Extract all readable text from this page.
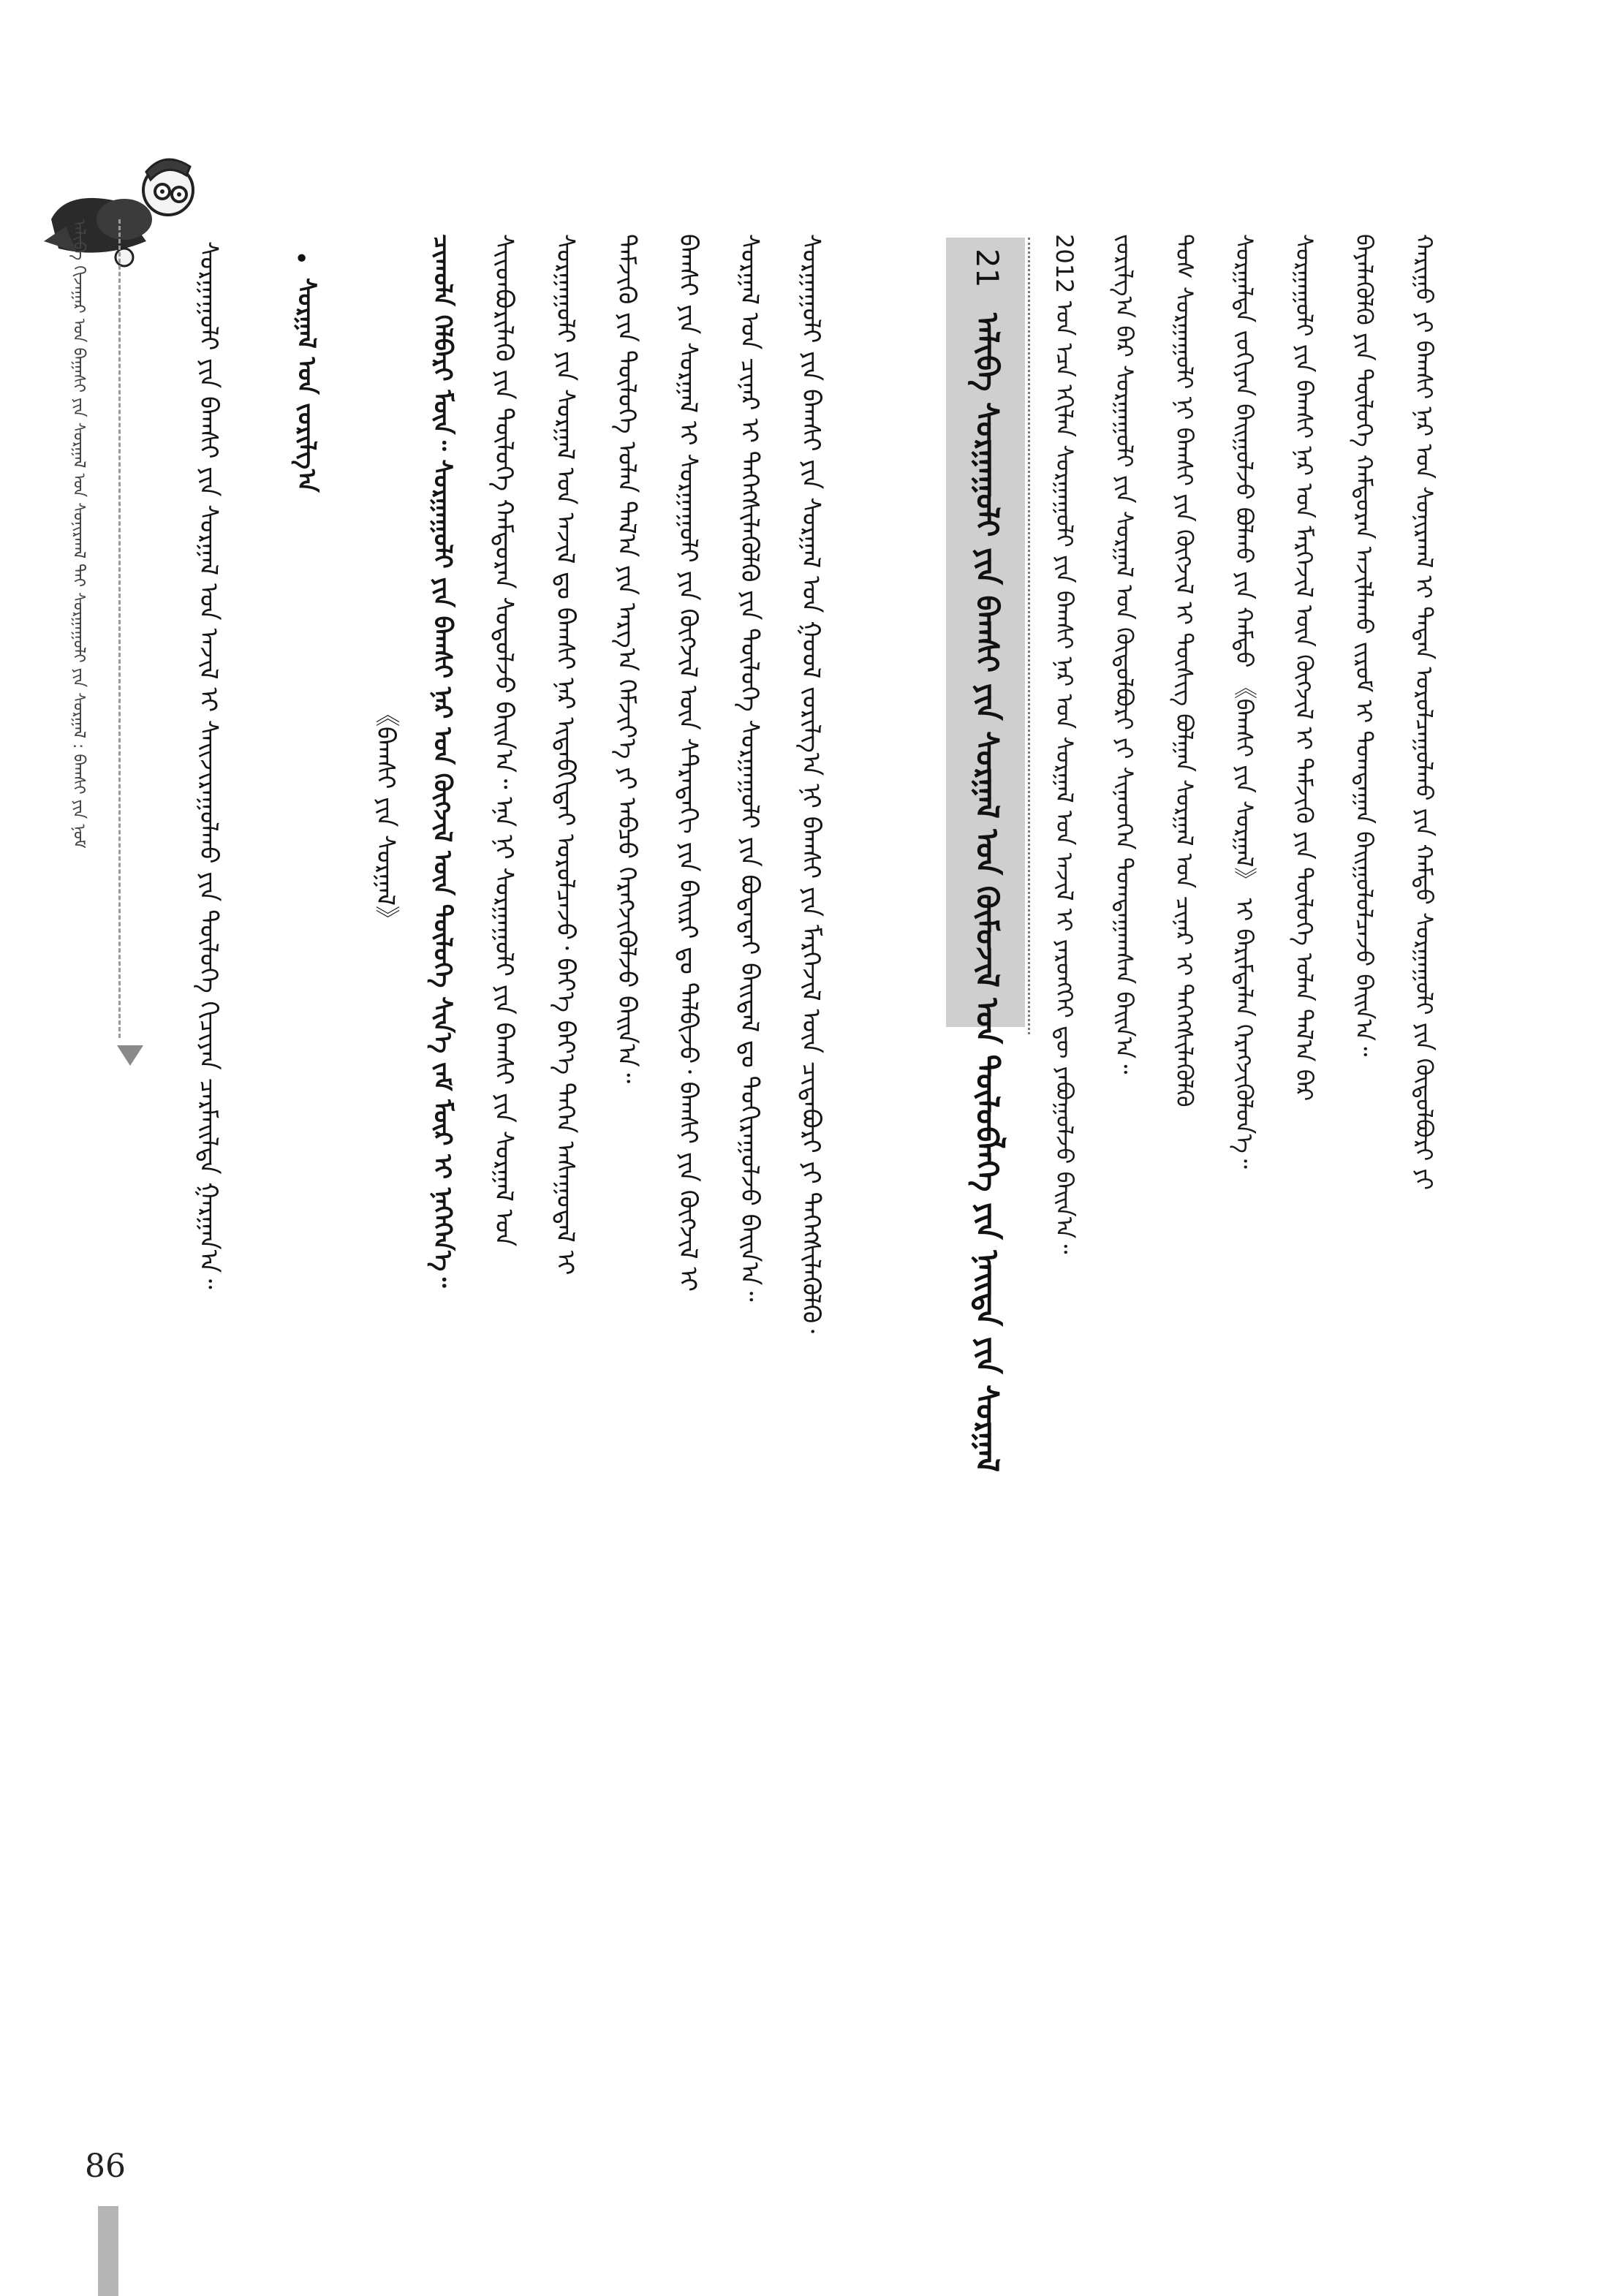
ᠠᠯᠢᠪᠠ ᠬᠢᠵᠠᠭᠠᠷ ᠤᠨ ᠪᠠᠭᠠᠰᠢ ᠶᠢᠨ ᠰᠤᠷᠭᠠᠯ ᠤᠨ ᠰᠣᠨᠢᠷᠬᠠᠯ ᠲᠠᠢ ᠰᠣᠷᠭᠠᠭᠤᠯᠢ ᠶᠢᠨ ᠰᠤᠷᠭᠠᠯ : ᠪᠠᠭᠰᠢ ᠶᠢᠨ ᠨᠣᠮ	ᠰᠤᠷᠭᠠᠭᠤᠯᠢ ᠶᠢᠨ ᠪᠠᠭᠰᠢ ᠶᠢᠨ ᠰᠤᠷᠭᠠᠯ ᠤᠨ ᠠᠵᠢᠯ ᠢ ᠰᠠᠢᠵᠢᠷᠠᠭᠤᠯᠬᠤ ᠶᠢᠨ ᠲᠥᠯᠦᠭᠡ ᠬᠢᠴᠢᠶᠡᠨ ᠴᠠᠷᠮᠠᠢᠯᠲᠠ ᠭᠠᠷᠭᠠᠨ᠎ᠠ᠃	•
ᠰᠤᠷᠭᠠᠯ ᠤᠨ ᠵᠣᠷᠢᠯᠭ᠎ᠠ
《ᠪᠠᠭᠰᠢ ᠶᠢᠨ ᠰᠤᠷᠭᠠᠯ》 ᠴᠢᠬᠤᠯᠠ ᠬᠡᠯᠪᠡᠷᠢ ᠮᠥᠨ᠃ ᠰᠤᠷᠭᠠᠭᠤᠯᠢ ᠶᠢᠨ ᠪᠠᠭᠰᠢ ᠨᠠᠷ ᠤᠨ ᠬᠥᠭᠵᠢᠯ ᠦᠨ ᠲᠥᠯᠦᠭᠡ ᠰᠢᠨ᠎ᠡ ᠵᠠᠮ ᠮᠥᠷ ᠢ ᠨᠡᠭᠡᠭᠡᠨ᠎ᠡ᠃ ᠰᠢᠢᠳᠪᠦᠷᠢᠯᠡᠬᠦ ᠶᠢᠨ ᠲᠥᠯᠦᠭᠡ ᠬᠠᠮᠲᠤᠷᠠᠨ ᠰᠤᠳᠤᠯᠵᠤ ᠪᠠᠢᠨ᠎ᠠ᠃ ᠡᠨᠡ ᠨᠢ ᠰᠤᠷᠭᠠᠭᠤᠯᠢ ᠶᠢᠨ ᠪᠠᠭᠰᠢ ᠶᠢᠨ ᠰᠤᠷᠭᠠᠯ ᠤᠨ ᠰᠤᠷᠭᠠᠭᠤᠯᠢ ᠶᠢᠨ ᠰᠤᠷᠭᠠᠯ ᠤᠨ ᠠᠵᠢᠯ ᠳᠤ ᠪᠠᠭᠰᠢ ᠨᠠᠷ ᠢᠳᠡᠪᠬᠢᠲᠡᠢ ᠣᠷᠣᠯᠴᠠᠵᠤ᠂ ᠪᠡᠶ᠎ᠡ ᠪᠡᠶ᠎ᠡ ᠳᠡᠭᠡᠨ ᠠᠰᠠᠭᠤᠳᠠᠯ ᠢ ᠳᠡᠮᠵᠢᠬᠦ ᠶᠢᠨ ᠲᠥᠯᠦᠭᠡ ᠣᠯᠠᠨ ᠲᠠᠯ᠎ᠠ ᠶᠢᠨ ᠠᠷᠭ᠎ᠠ ᠬᠡᠮᠵᠢᠶ᠎ᠡ ᠶᠢ ᠠᠪᠴᠤ ᠬᠡᠷᠡᠭᠵᠢᠭᠦᠯᠵᠦ ᠪᠠᠢᠨ᠎ᠠ᠃ ᠪᠠᠭᠰᠢ ᠶᠢᠨ ᠰᠤᠷᠭᠠᠯ ᠢ ᠰᠤᠷᠭᠠᠭᠤᠯᠢ ᠶᠢᠨ ᠬᠥᠭᠵᠢᠯ ᠦᠨ ᠰᠲᠷᠠᠲᠡᠭᠢ ᠶᠢᠨ ᠪᠠᠢᠷᠢ ᠳᠤ ᠲᠠᠯᠪᠢᠵᠤ᠂ ᠪᠠᠭᠰᠢ ᠶᠢᠨ ᠬᠥᠭᠵᠢᠯ ᠢ ᠰᠤᠷᠭᠠᠯ ᠤᠨ ᠴᠢᠨᠠᠷ ᠢ ᠳᠡᠭᠡᠭᠰᠢᠯᠡᠭᠦᠯᠬᠦ ᠶᠢᠨ ᠲᠥᠯᠦᠭᠡ ᠰᠤᠷᠭᠠᠭᠤᠯᠢ ᠶᠢᠨ ᠪᠣᠳᠠᠳᠠᠢ ᠪᠠᠢᠳᠠᠯ ᠳᠤ ᠲᠣᠬᠢᠷᠠᠭᠤᠯᠵᠤ ᠪᠠᠢᠨ᠎ᠠ᠃ ᠰᠤᠷᠭᠠᠭᠤᠯᠢ ᠶᠢᠨ ᠪᠠᠭᠰᠢ ᠶᠢᠨ ᠰᠤᠷᠭᠠᠯ ᠤᠨ ᠭᠣᠣᠯ ᠵᠣᠷᠢᠯᠭ᠎ᠠ ᠨᠢ ᠪᠠᠭᠰᠢ ᠶᠢᠨ ᠮᠡᠷᠭᠡᠵᠢᠯ ᠦᠨ ᠴᠢᠳᠠᠪᠤᠷᠢ ᠶᠢ ᠳᠡᠭᠡᠭᠰᠢᠯᠡᠭᠦᠯᠬᠦ᠂	21 ᠠᠯᠢᠪᠠ ᠰᠤᠷᠭᠠᠭᠤᠯᠢ ᠶᠢᠨ ᠪᠠᠭᠰᠢ ᠶᠢᠨ ᠰᠤᠷᠭᠠᠯ ᠤᠨ ᠬᠥᠮᠦᠵᠢᠯ ᠤᠨ ᠲᠥᠯᠦᠪᠯᠡᠭᠡ ᠶᠢᠨ ᠨᠡᠢᠲᠡ ᠶᠢᠨ ᠰᠤᠷᠭᠠᠯ	2012 ᠣᠨ ᠡᠴᠡ ᠡᠬᠢᠯᠡᠨ ᠰᠤᠷᠭᠠᠭᠤᠯᠢ ᠶᠢᠨ ᠪᠠᠭᠰᠢ ᠨᠠᠷ ᠤᠨ ᠰᠤᠷᠭᠠᠯ ᠤᠨ ᠠᠵᠢᠯ ᠢ ᠶᠡᠷᠦᠩᠬᠡᠢ ᠳᠦ ᠶᠠᠪᠤᠭᠤᠯᠵᠤ ᠪᠠᠢᠨ᠎ᠠ᠃ ᠵᠣᠷᠢᠯᠭ᠎ᠠ ᠪᠠᠷ ᠰᠤᠷᠭᠠᠭᠤᠯᠢ ᠶᠢᠨ ᠰᠤᠷᠭᠠᠯ ᠤᠨ ᠬᠥᠲᠥᠯᠪᠦᠷᠢ ᠶᠢ ᠰᠢᠨᠡᠳᠬᠡᠨ ᠲᠣᠭᠲᠠᠭᠠᠭᠰᠠᠨ ᠪᠠᠢᠨ᠎ᠠ᠃ ᠲᠤᠰ ᠰᠤᠷᠭᠠᠭᠤᠯᠢ ᠨᠢ ᠪᠠᠭᠰᠢ ᠶᠢᠨ ᠬᠥᠭᠵᠢᠯ ᠢ ᠲᠦᠰᠢᠭ ᠪᠣᠯᠭᠠᠨ ᠰᠤᠷᠭᠠᠯ ᠤᠨ ᠴᠢᠨᠠᠷ ᠢ ᠳᠡᠭᠡᠭᠰᠢᠯᠡᠭᠦᠯᠬᠦ ᠰᠤᠷᠭᠠᠯᠳᠠ ᠵᠣᠬᠢᠶᠠᠨ ᠪᠠᠢᠭᠤᠯᠵᠤ ᠪᠣᠯᠬᠤ ᠶᠢᠨ ᠬᠠᠮᠲᠤ 《ᠪᠠᠭᠰᠢ ᠶᠢᠨ ᠰᠤᠷᠭᠠᠯ》 ᠢ ᠪᠠᠷᠢᠮᠲᠠᠯᠠᠨ ᠬᠡᠷᠡᠭᠵᠢᠭᠦᠯᠦᠨ᠎ᠡ᠃ ᠰᠤᠷᠭᠠᠭᠤᠯᠢ ᠶᠢᠨ ᠪᠠᠭᠰᠢ ᠨᠠᠷ ᠤᠨ ᠮᠡᠷᠭᠡᠵᠢᠯ ᠦᠨ ᠬᠥᠭᠵᠢᠯ ᠢ ᠳᠡᠮᠵᠢᠬᠦ ᠶᠢᠨ ᠲᠥᠯᠦᠭᠡ ᠣᠯᠠᠨ ᠲᠠᠯ᠎ᠠ ᠪᠠᠷ ᠪᠡᠶᠡᠯᠡᠭᠦᠯᠬᠦ ᠶᠢᠨ ᠲᠥᠯᠦᠭᠡ ᠬᠠᠮᠲᠤᠷᠠᠨ ᠠᠵᠢᠯᠯᠠᠬᠤ ᠵᠢᠷᠤᠮ ᠢ ᠲᠣᠭᠲᠠᠭᠠᠨ ᠪᠠᠢᠭᠤᠯᠤᠯᠴᠠᠵᠤ ᠪᠠᠢᠨ᠎ᠠ᠃ ᠬᠠᠷᠢᠭᠤ ᠶᠢ ᠪᠠᠭᠰᠢ ᠨᠠᠷ ᠤᠨ ᠰᠣᠨᠢᠷᠬᠠᠯ ᠢ ᠲᠠᠲᠠᠨ ᠣᠷᠣᠯᠴᠠᠭᠤᠯᠬᠤ ᠶᠢᠨ ᠬᠠᠮᠲᠤ ᠰᠤᠷᠭᠠᠭᠤᠯᠢ ᠶᠢᠨ ᠬᠥᠲᠥᠯᠪᠦᠷᠢ ᠶᠢ
86
